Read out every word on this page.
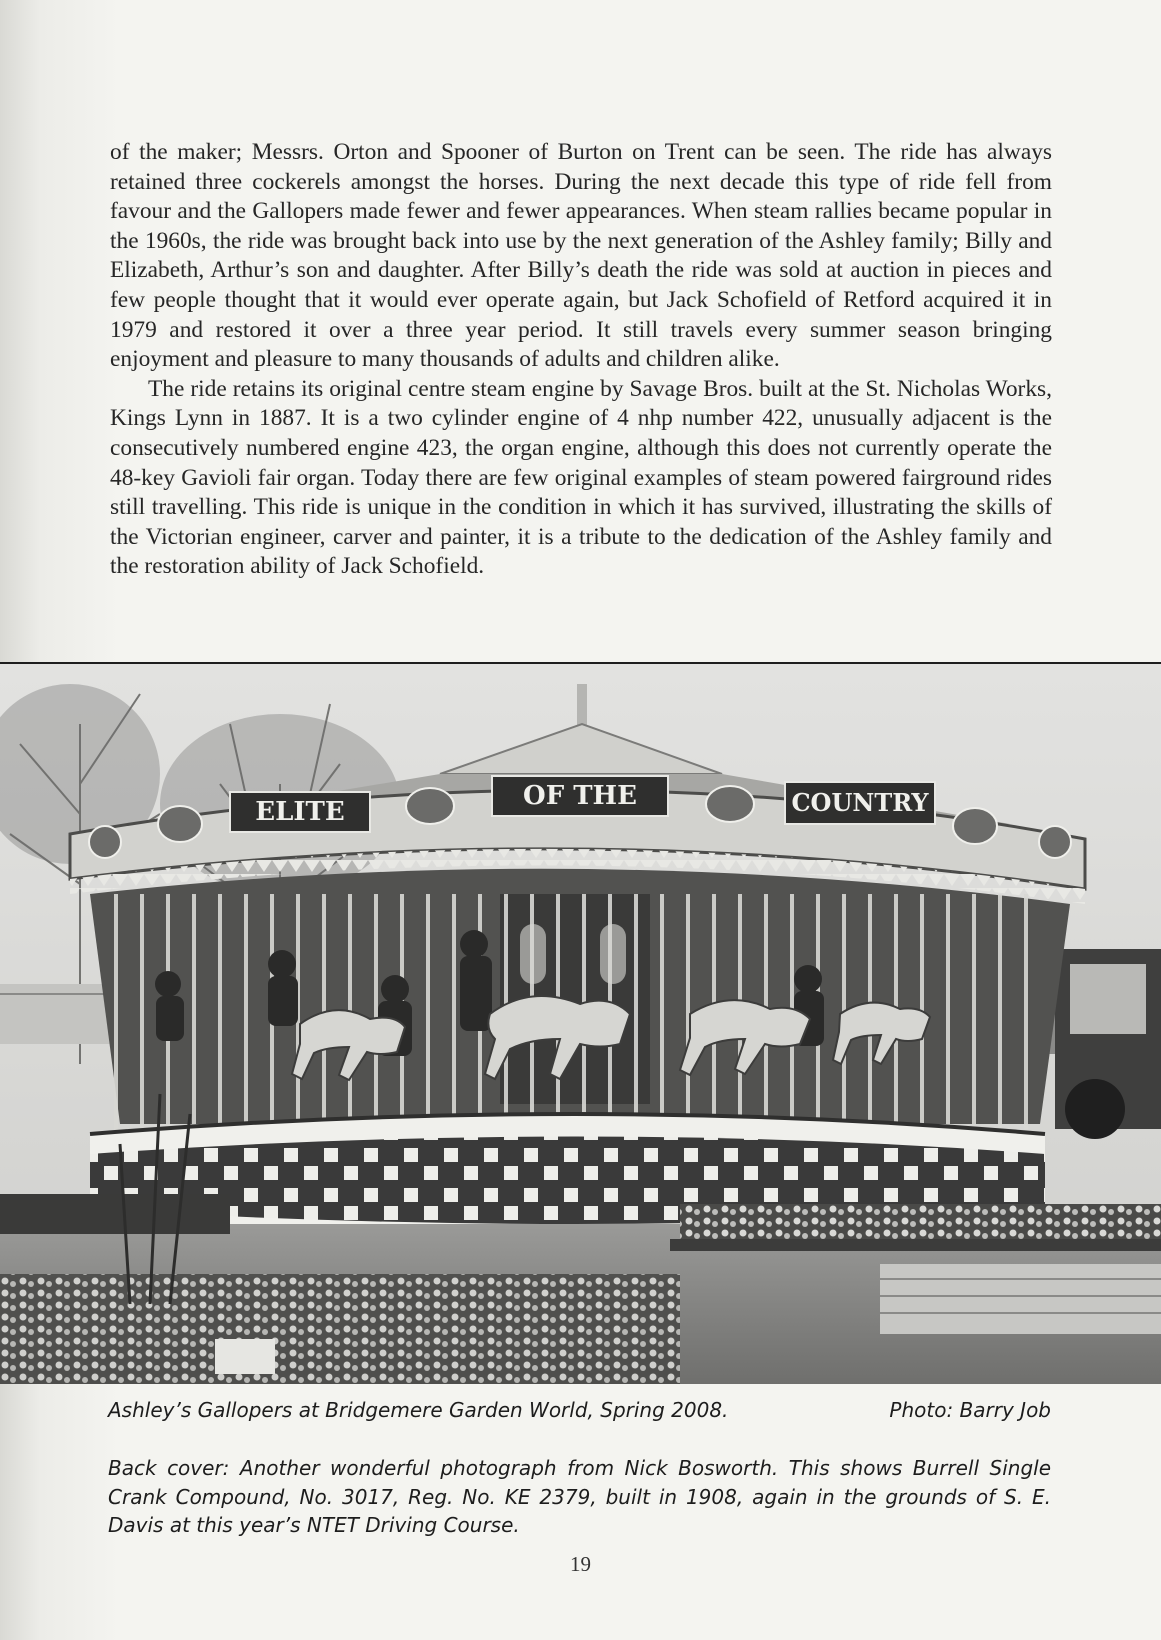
of the maker; Messrs. Orton and Spooner of Burton on Trent can be seen. The ride has always retained three cockerels amongst the horses. During the next decade this type of ride fell from favour and the Gallopers made fewer and fewer appearances. When steam rallies became popular in the 1960s, the ride was brought back into use by the next generation of the Ashley family; Billy and Elizabeth, Arthur’s son and daughter. After Billy’s death the ride was sold at auction in pieces and few people thought that it would ever operate again, but Jack Schofield of Retford acquired it in 1979 and restored it over a three year period. It still travels every summer season bringing enjoyment and pleasure to many thousands of adults and children alike.

The ride retains its original centre steam engine by Savage Bros. built at the St. Nicholas Works, Kings Lynn in 1887. It is a two cylinder engine of 4 nhp number 422, unusually adjacent is the consecutively numbered engine 423, the organ engine, although this does not currently operate the 48-key Gavioli fair organ. Today there are few original examples of steam powered fairground rides still travelling. This ride is unique in the condition in which it has survived, illustrating the skills of the Victorian engineer, carver and painter, it is a tribute to the dedication of the Ashley family and the restoration ability of Jack Schofield.

ELITE
OF THE	COUNTRY
Ashley’s Gallopers at Bridgemere Garden World, Spring 2008.	Photo: Barry Job

Back cover: Another wonderful photograph from Nick Bosworth. This shows Burrell Single Crank Compound, No. 3017, Reg. No. KE 2379, built in 1908, again in the grounds of S. E. Davis at this year’s NTET Driving Course.

19
